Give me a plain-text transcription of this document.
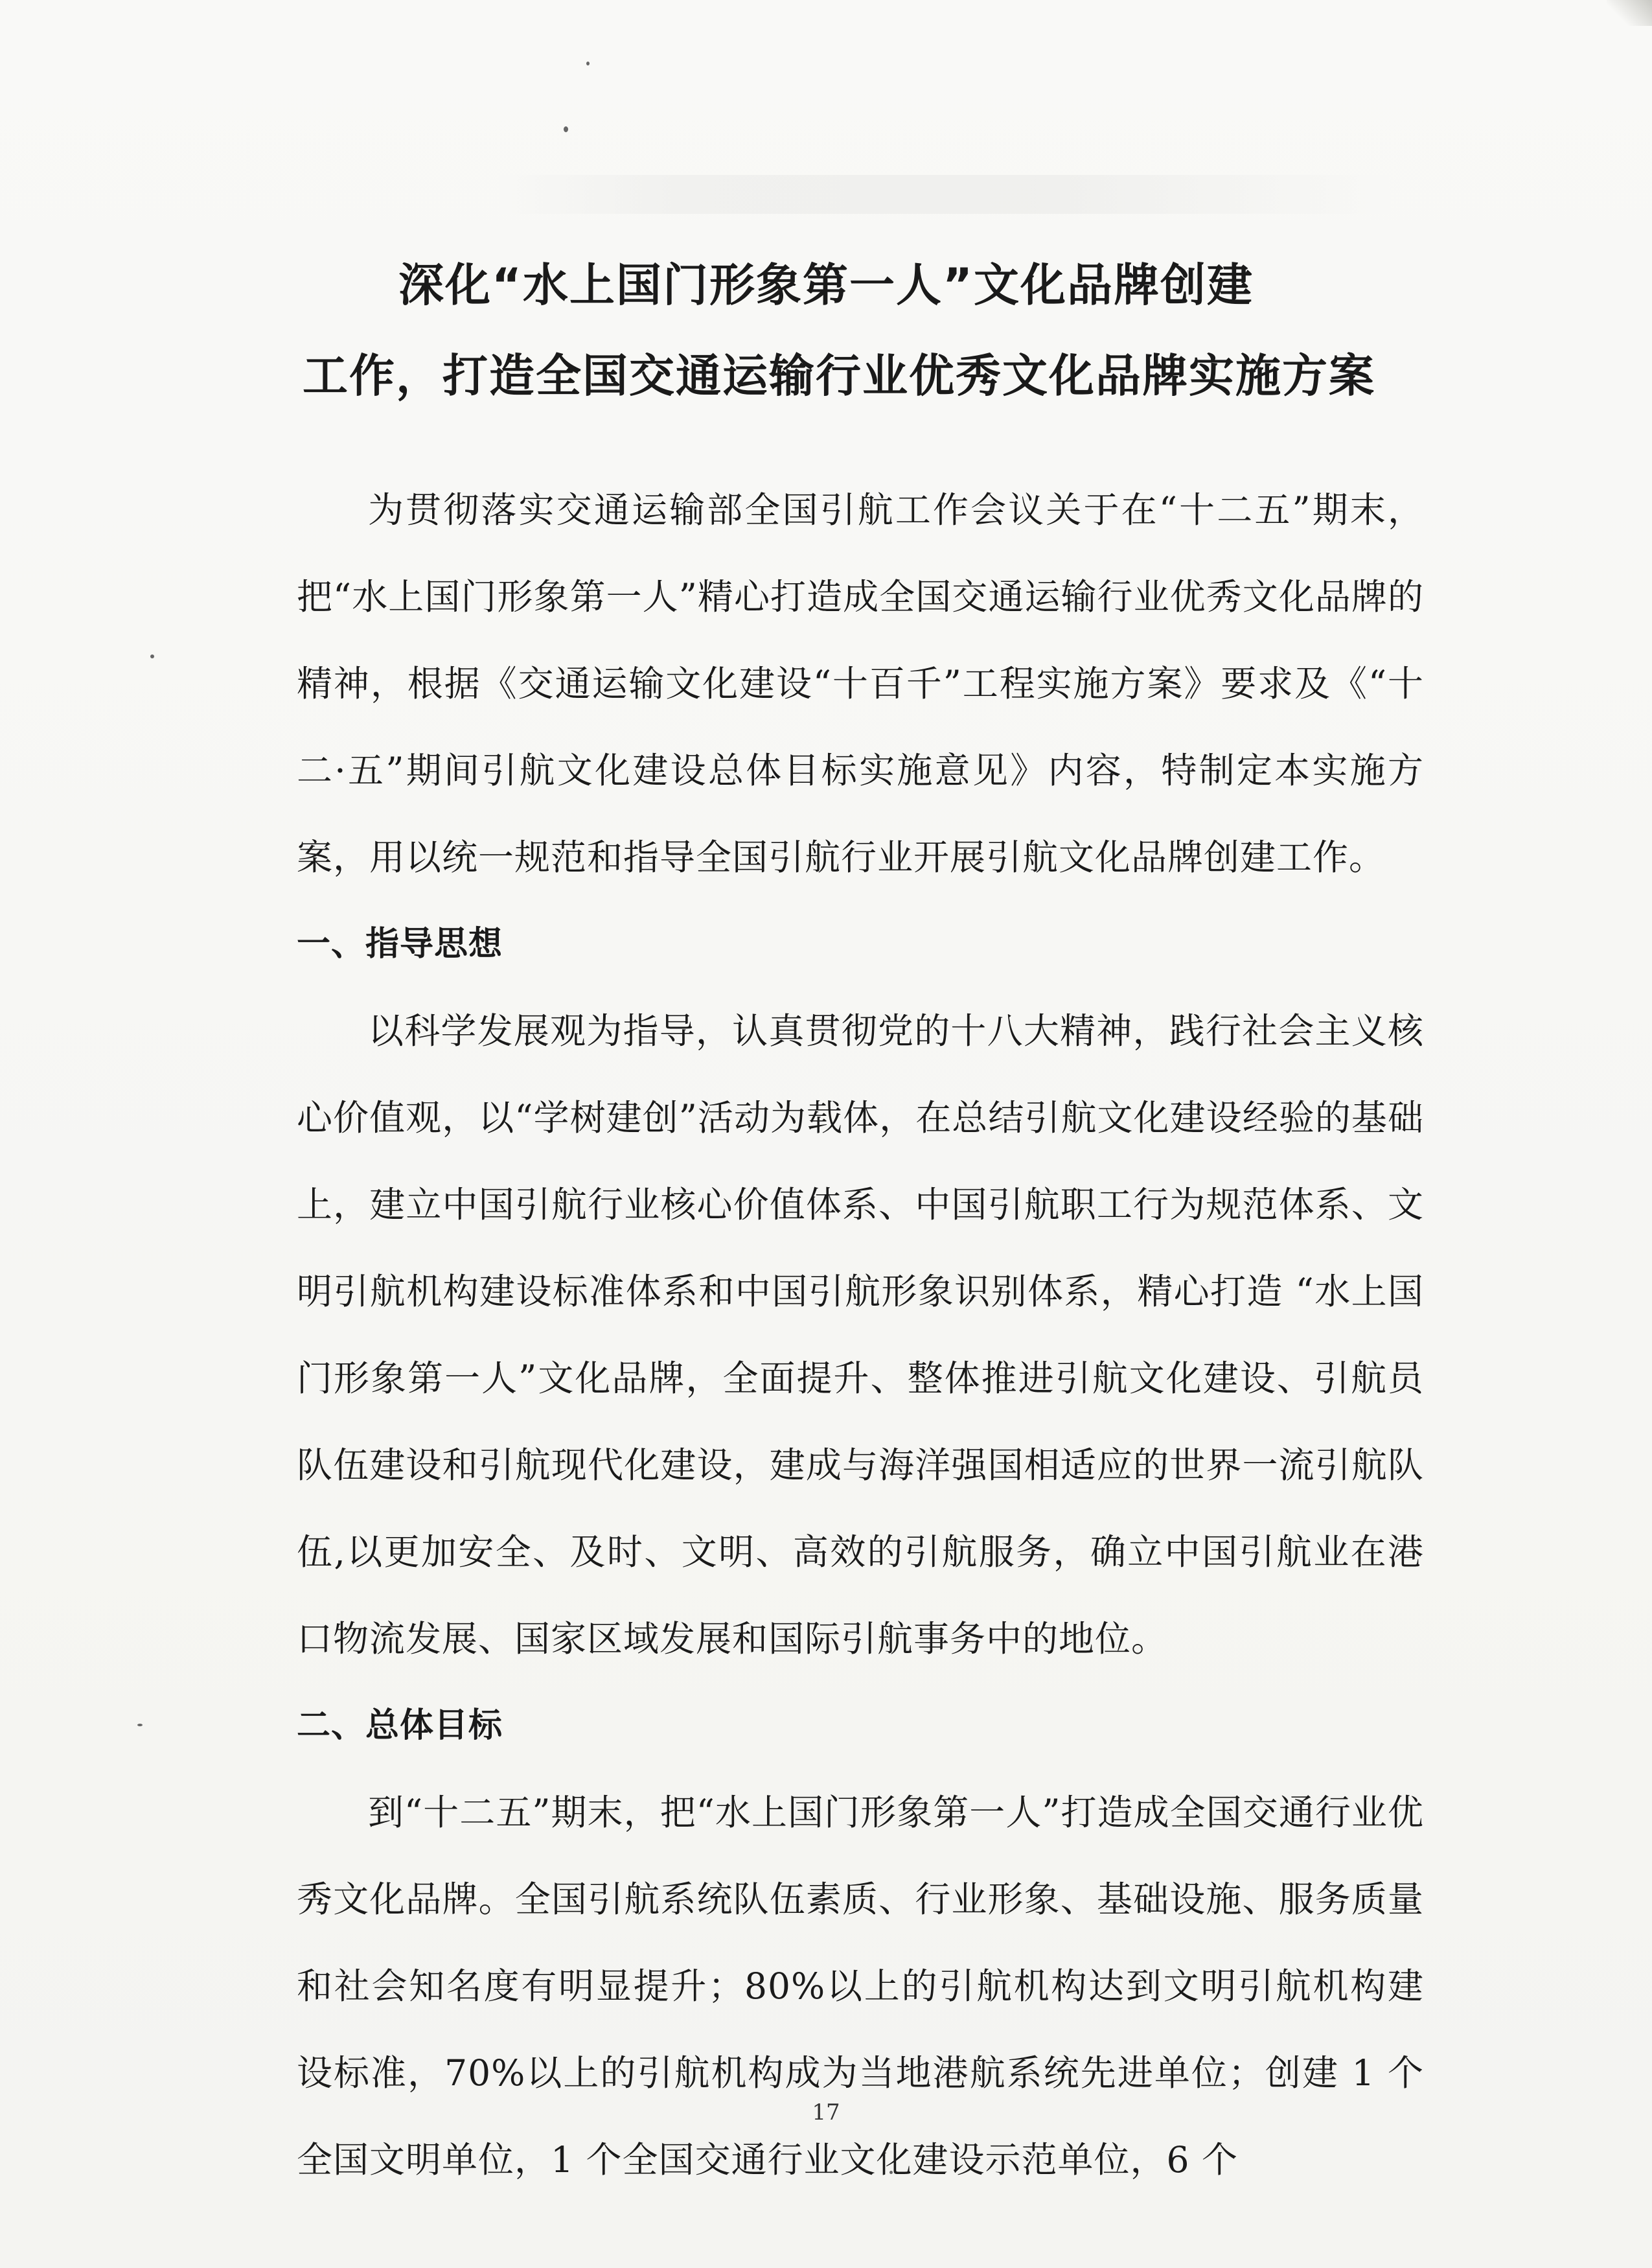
深化“水上国门形象第一人”文化品牌创建
工作，打造全国交通运输行业优秀文化品牌实施方案

为贯彻落实交通运输部全国引航工作会议关于在“十二五”期末，把“水上国门形象第一人”精心打造成全国交通运输行业优秀文化品牌的精神，根据《交通运输文化建设“十百千”工程实施方案》要求及《“十二·五”期间引航文化建设总体目标实施意见》内容，特制定本实施方案，用以统一规范和指导全国引航行业开展引航文化品牌创建工作。

一、指导思想

以科学发展观为指导，认真贯彻党的十八大精神，践行社会主义核心价值观，以“学树建创”活动为载体，在总结引航文化建设经验的基础上，建立中国引航行业核心价值体系、中国引航职工行为规范体系、文明引航机构建设标准体系和中国引航形象识别体系，精心打造 “水上国门形象第一人”文化品牌，全面提升、整体推进引航文化建设、引航员队伍建设和引航现代化建设，建成与海洋强国相适应的世界一流引航队伍,以更加安全、及时、文明、高效的引航服务，确立中国引航业在港口物流发展、国家区域发展和国际引航事务中的地位。

二、总体目标

到“十二五”期末，把“水上国门形象第一人”打造成全国交通行业优秀文化品牌。全国引航系统队伍素质、行业形象、基础设施、服务质量和社会知名度有明显提升；80%以上的引航机构达到文明引航机构建设标准，70%以上的引航机构成为当地港航系统先进单位；创建 1 个全国文明单位，1 个全国交通行业文化建设示范单位，6 个

17
